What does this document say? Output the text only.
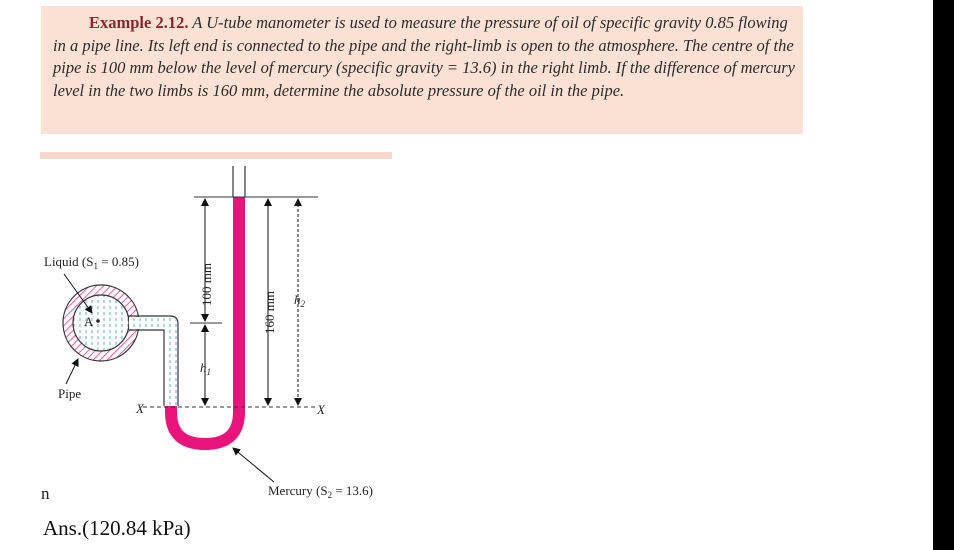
Example 2.12. A U-tube manometer is used to measure the pressure of oil of specific gravity 0.85 flowing in a pipe line. Its left end is connected to the pipe and the right-limb is open to the atmosphere. The centre of the pipe is 100 mm below the level of mercury (specific gravity = 13.6) in the right limb. If the difference of mercury level in the two limbs is 160 mm, determine the absolute pressure of the oil in the pipe.
A
X	X
100 mm
$h_1$
160 mm $h_2$
Liquid $(S_1 = 0.85)$
Pipe
Mercury $(S_2 = 13.6)$
n
Ans.(120.84 kPa)
